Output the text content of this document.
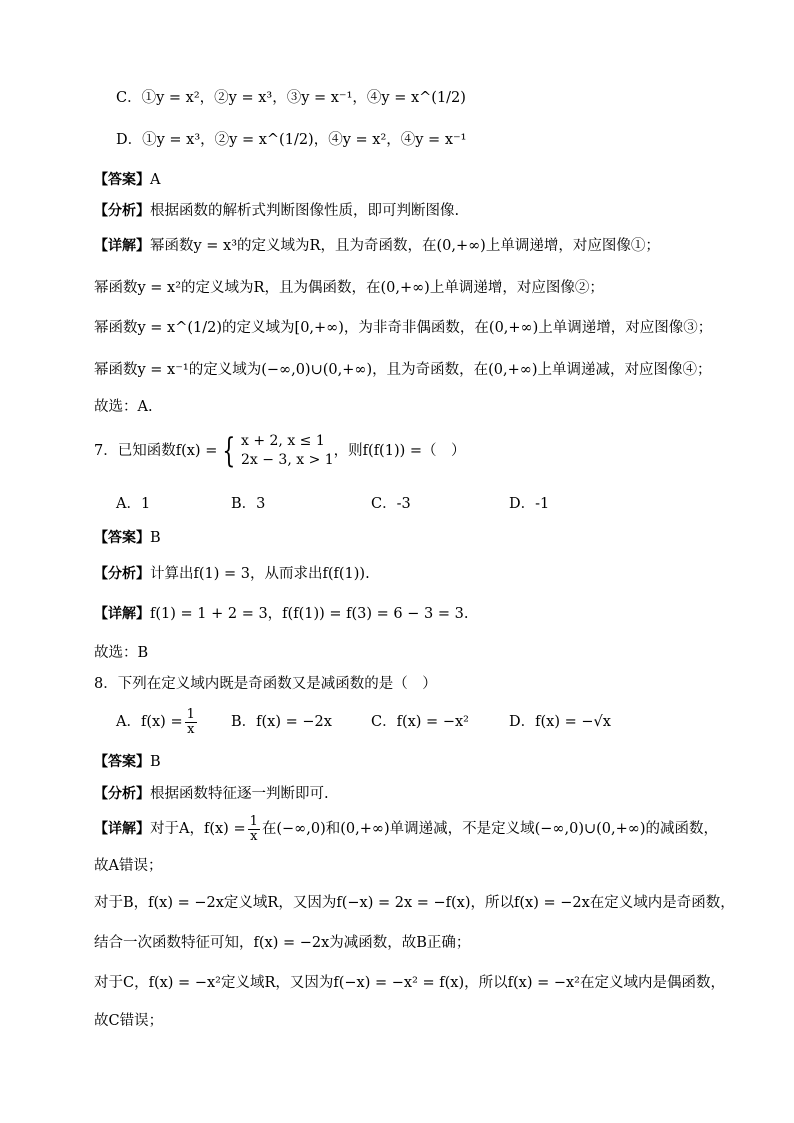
C．①y = x²，②y = x³，③y = x⁻¹，④y = x^(1/2)
D．①y = x³，②y = x^(1/2)，④y = x²，④y = x⁻¹
【答案】A
【分析】根据函数的解析式判断图像性质，即可判断图像.
【详解】幂函数y = x³的定义域为R，且为奇函数，在(0,+∞)上单调递增，对应图像①；
幂函数y = x²的定义域为R，且为偶函数，在(0,+∞)上单调递增，对应图像②；
幂函数y = x^(1/2)的定义域为[0,+∞)，为非奇非偶函数，在(0,+∞)上单调递增，对应图像③；
幂函数y = x⁻¹的定义域为(−∞,0)∪(0,+∞)，且为奇函数，在(0,+∞)上单调递减，对应图像④；
故选：A.
7．已知函数f(x) = { x + 2, x ≤ 1
2x − 3, x > 1
，则f(f(1)) =（　）
A．1	B．3	C．-3	D．-1
【答案】B
【分析】计算出f(1) = 3，从而求出f(f(1)).
【详解】f(1) = 1 + 2 = 3，f(f(1)) = f(3) = 6 − 3 = 3.
故选：B
8．下列在定义域内既是奇函数又是减函数的是（　）
A．$f(x) = \frac{1}{x}$ B．f(x) = −2x	C．f(x) = −x²	D．f(x) = −√x
【答案】B
【分析】根据函数特征逐一判断即可.
【详解】对于A，$f(x) = \frac{1}{x}$ 在(−∞,0)和(0,+∞)单调递减，不是定义域(−∞,0)∪(0,+∞)的减函数，
故A错误；
对于B，f(x) = −2x定义域R，又因为f(−x) = 2x = −f(x)，所以f(x) = −2x在定义域内是奇函数，
结合一次函数特征可知，f(x) = −2x为减函数，故B正确；
对于C，f(x) = −x²定义域R，又因为f(−x) = −x² = f(x)，所以f(x) = −x²在定义域内是偶函数，
故C错误；
